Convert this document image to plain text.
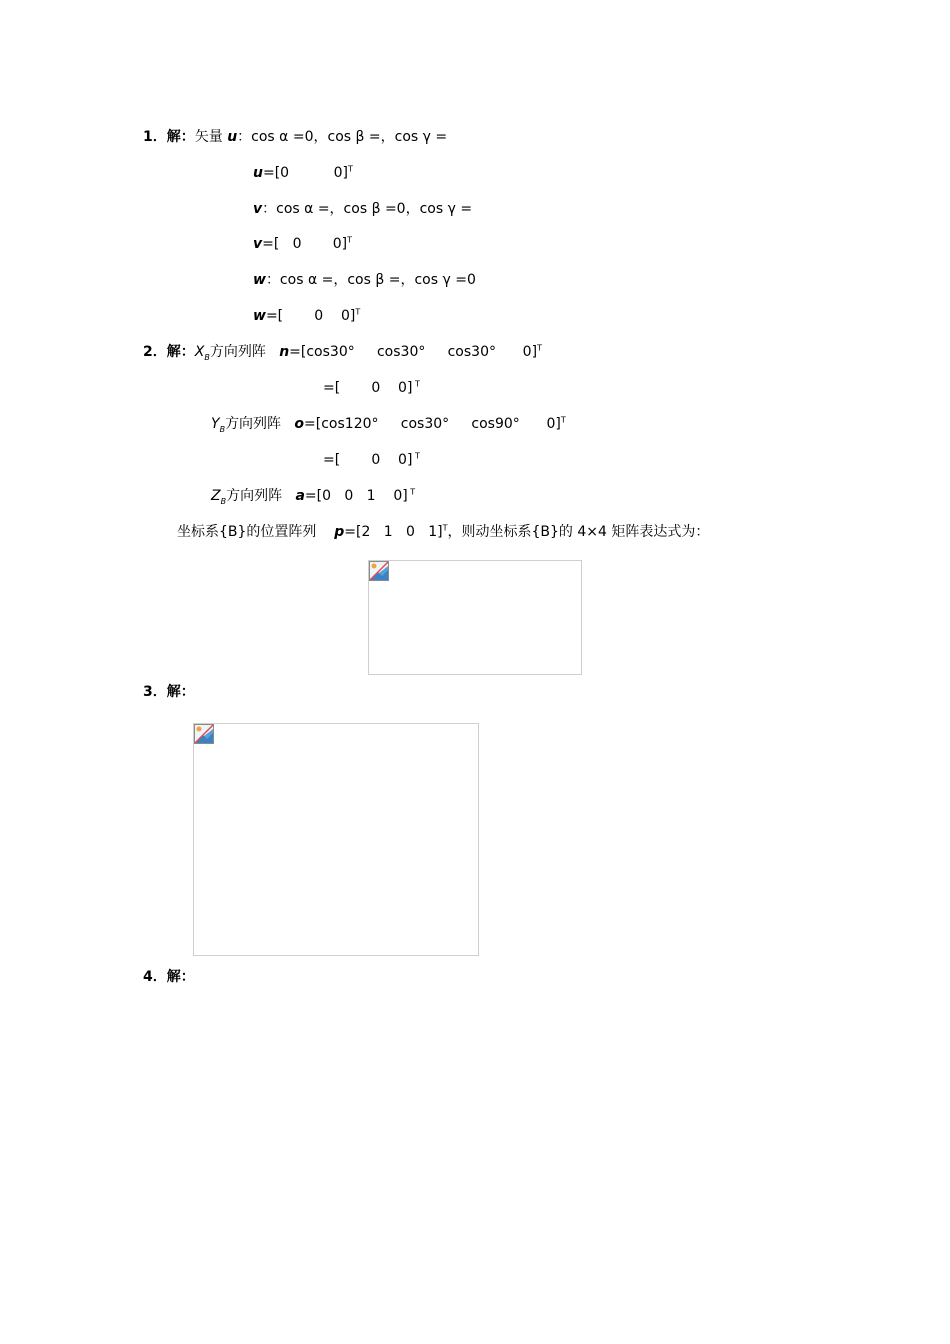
1．解：矢量 u：cos α =0，cos β =，cos γ =
u=[0          0]$^T$
v：cos α =，cos β =0，cos γ =
v=[   0       0]$^T$
w：cos α =，cos β =，cos γ =0
w=[       0    0]$^T$
2．解：$X_B$方向列阵   n=[cos30°     cos30°     cos30°      0]$^T$
=[       0    0] $^T$
$Y_B$方向列阵   o=[cos120°     cos30°     cos90°      0]$^T$
=[       0    0] $^T$
$Z_B$方向列阵   a=[0   0   1    0] $^T$
坐标系{B}的位置阵列    p=[2   1   0   1]$^T$，则动坐标系{B}的 4×4 矩阵表达式为：
3．解：
4．解：
